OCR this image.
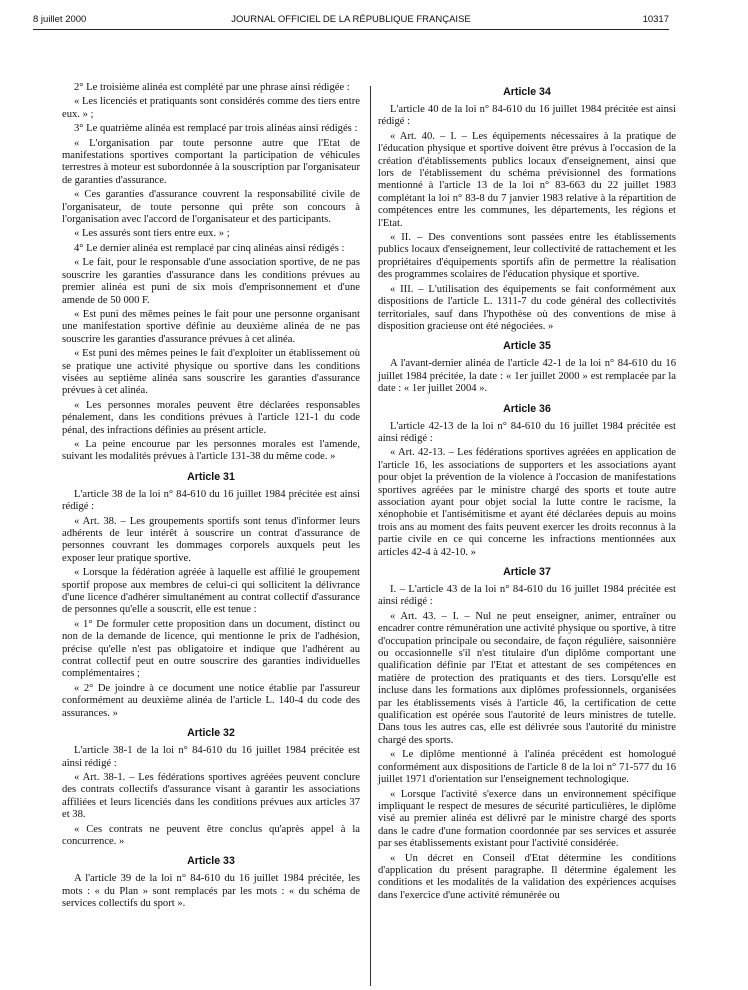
8 juillet 2000	JOURNAL OFFICIEL DE LA RÉPUBLIQUE FRANÇAISE	10317

2° Le troisième alinéa est complété par une phrase ainsi rédigée :

« Les licenciés et pratiquants sont considérés comme des tiers entre eux. » ;

3° Le quatrième alinéa est remplacé par trois alinéas ainsi rédigés :

« L'organisation par toute personne autre que l'Etat de manifestations sportives comportant la participation de véhicules terrestres à moteur est subordonnée à la souscription par l'organisateur de garanties d'assurance.

« Ces garanties d'assurance couvrent la responsabilité civile de l'organisateur, de toute personne qui prête son concours à l'organisation avec l'accord de l'organisateur et des participants.

« Les assurés sont tiers entre eux. » ;

4° Le dernier alinéa est remplacé par cinq alinéas ainsi rédigés :

« Le fait, pour le responsable d'une association sportive, de ne pas souscrire les garanties d'assurance dans les conditions prévues au premier alinéa est puni de six mois d'emprisonnement et d'une amende de 50 000 F.

« Est puni des mêmes peines le fait pour une personne organisant une manifestation sportive définie au deuxième alinéa de ne pas souscrire les garanties d'assurance prévues à cet alinéa.

« Est puni des mêmes peines le fait d'exploiter un établissement où se pratique une activité physique ou sportive dans les conditions visées au septième alinéa sans souscrire les garanties d'assurance prévues à cet alinéa.

« Les personnes morales peuvent être déclarées responsables pénalement, dans les conditions prévues à l'article 121-1 du code pénal, des infractions définies au présent article.

« La peine encourue par les personnes morales est l'amende, suivant les modalités prévues à l'article 131-38 du même code. »

Article 31

L'article 38 de la loi n° 84-610 du 16 juillet 1984 précitée est ainsi rédigé :

« Art. 38. – Les groupements sportifs sont tenus d'informer leurs adhérents de leur intérêt à souscrire un contrat d'assurance de personnes couvrant les dommages corporels auxquels peut les exposer leur pratique sportive.

« Lorsque la fédération agréée à laquelle est affilié le groupement sportif propose aux membres de celui-ci qui sollicitent la délivrance d'une licence d'adhérer simultanément au contrat collectif d'assurance de personnes qu'elle a souscrit, elle est tenue :

« 1° De formuler cette proposition dans un document, distinct ou non de la demande de licence, qui mentionne le prix de l'adhésion, précise qu'elle n'est pas obligatoire et indique que l'adhérent au contrat collectif peut en outre souscrire des garanties individuelles complémentaires ;

« 2° De joindre à ce document une notice établie par l'assureur conformément au deuxième alinéa de l'article L. 140-4 du code des assurances. »

Article 32

L'article 38-1 de la loi n° 84-610 du 16 juillet 1984 précitée est ainsi rédigé :

« Art. 38-1. – Les fédérations sportives agréées peuvent conclure des contrats collectifs d'assurance visant à garantir les associations affiliées et leurs licenciés dans les conditions prévues aux articles 37 et 38.

« Ces contrats ne peuvent être conclus qu'après appel à la concurrence. »

Article 33

A l'article 39 de la loi n° 84-610 du 16 juillet 1984 précitée, les mots : « du Plan » sont remplacés par les mots : « du schéma de services collectifs du sport ».

Article 34

L'article 40 de la loi n° 84-610 du 16 juillet 1984 précitée est ainsi rédigé :

« Art. 40. – I. – Les équipements nécessaires à la pratique de l'éducation physique et sportive doivent être prévus à l'occasion de la création d'établissements publics locaux d'enseignement, ainsi que lors de l'établissement du schéma prévisionnel des formations mentionné à l'article 13 de la loi n° 83-663 du 22 juillet 1983 complétant la loi n° 83-8 du 7 janvier 1983 relative à la répartition de compétences entre les communes, les départements, les régions et l'Etat.

« II. – Des conventions sont passées entre les établissements publics locaux d'enseignement, leur collectivité de rattachement et les propriétaires d'équipements sportifs afin de permettre la réalisation des programmes scolaires de l'éducation physique et sportive.

« III. – L'utilisation des équipements se fait conformément aux dispositions de l'article L. 1311-7 du code général des collectivités territoriales, sauf dans l'hypothèse où des conventions de mise à disposition gracieuse ont été négociées. »

Article 35

A l'avant-dernier alinéa de l'article 42-1 de la loi n° 84-610 du 16 juillet 1984 précitée, la date : « 1er juillet 2000 » est remplacée par la date : « 1er juillet 2004 ».

Article 36

L'article 42-13 de la loi n° 84-610 du 16 juillet 1984 précitée est ainsi rédigé :

« Art. 42-13. – Les fédérations sportives agréées en application de l'article 16, les associations de supporters et les associations ayant pour objet la prévention de la violence à l'occasion de manifestations sportives agréées par le ministre chargé des sports et toute autre association ayant pour objet social la lutte contre le racisme, la xénophobie et l'antisémitisme et ayant été déclarées depuis au moins trois ans au moment des faits peuvent exercer les droits reconnus à la partie civile en ce qui concerne les infractions mentionnées aux articles 42-4 à 42-10. »

Article 37

I. – L'article 43 de la loi n° 84-610 du 16 juillet 1984 précitée est ainsi rédigé :

« Art. 43. – I. – Nul ne peut enseigner, animer, entraîner ou encadrer contre rémunération une activité physique ou sportive, à titre d'occupation principale ou secondaire, de façon régulière, saisonnière ou occasionnelle s'il n'est titulaire d'un diplôme comportant une qualification définie par l'Etat et attestant de ses compétences en matière de protection des pratiquants et des tiers. Lorsqu'elle est incluse dans les formations aux diplômes professionnels, organisées par les établissements visés à l'article 46, la certification de cette qualification est opérée sous l'autorité de leurs ministres de tutelle. Dans tous les autres cas, elle est délivrée sous l'autorité du ministre chargé des sports.

« Le diplôme mentionné à l'alinéa précédent est homologué conformément aux dispositions de l'article 8 de la loi n° 71-577 du 16 juillet 1971 d'orientation sur l'enseignement technologique.

« Lorsque l'activité s'exerce dans un environnement spécifique impliquant le respect de mesures de sécurité particulières, le diplôme visé au premier alinéa est délivré par le ministre chargé des sports dans le cadre d'une formation coordonnée par ses services et assurée par ses établissements existant pour l'activité considérée.

« Un décret en Conseil d'Etat détermine les conditions d'application du présent paragraphe. Il détermine également les conditions et les modalités de la validation des expériences acquises dans l'exercice d'une activité rémunérée ou
